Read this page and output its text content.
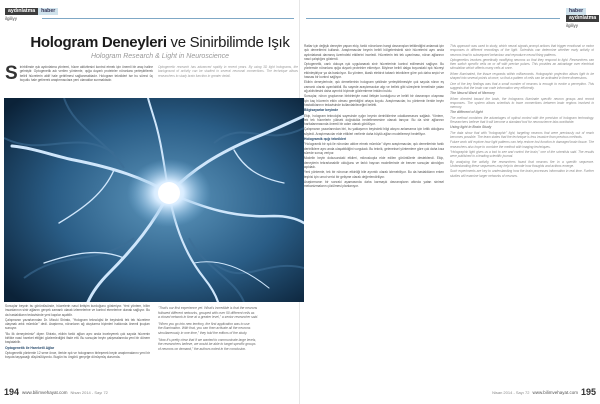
aydınlatma haber
ilgiliyy
haberaydınlatma
ilgiliyy
Hologram Deneyleri ve Sinirbilimde Işık
Hologram Research & Light in Neuroscience
Sinirbilimde ışık aydınlatma yöntemi, hücre aktivitesini kontrol etmek için önemli bir araç haline gelmiştir. Optogenetik adı verilen yöntemle, ışığa duyarlı proteinler nöronlara yerleştirilerek belirli hücrelerin aktif hale getirilmesi sağlanmaktadır. Hologram teknikleri ise bu süreci üç boyutlu hale getirerek araştırmacılara yeni olanaklar sunmaktadır.
Optogenetic research has advanced rapidly in recent years. By using 3D light holograms, the background of activity can be studied in several neuronal connections. The technique allows researchers to study brain function in greater detail.

Sonuçlar beynin bu görüntüsünde, hücrelerin nasıl iletişim kurduğunu gösteriyor. Yeni yöntem, bilim insanlarının sinir ağlarını gerçek zamanlı olarak izlemelerine ve kontrol etmelerine olanak sağlıyor. Bu da hastalıkların tedavisinde yeni kapılar açabilir.

Çalışmanın yazarlarından Dr. Mizuki Shirato, "Hologram teknolojisi ile beyindeki tek tek hücrelere ulaşmak artık mümkün" dedi. Araştırma, nöronların ağ oluşturma biçimleri hakkında önemli ipuçları sunuyor.

"Bu ilk deneyimimiz" diyen Shirato, ekibin farklı ağları aynı anda inceleyerek çok sayıda hücrenin birlikte nasıl hareket ettiğini gözlemlediğini ifade etti. Bu sonuçlar beyin çalışmalarında yeni bir dönem başlatabilir.

Optogenetik ile Hareketli Ağlar

Optogenetik yöntemle 12 sene önce, ileride ışık ve hologramın birleşerek beyin araştırmalarını yeni bir boyuta taşıyacağı düşünülüyordu. Bugün bu öngörü gerçeğe dönüşmüş durumda.

"That's our first experience yet. What's incredible is that the neurons
followed different networks, grouped with over 50 different cells as
a closed network in time at a greater level," a senior researcher said.
"When you go into new territory, the first application was to use
the illumination. With that, you can then activate all the neurons
simultaneously in one time," they told the editors of the study.
"Now it's pretty clear that if we wanted to communicate large levels,
the researchers believe, we would be able to target specific groups
of neurons on demand," the authors noted in the conclusion.

Ratlar için değişik deneyler yapan ekip, farklı nöronların hangi davranışları tetiklediğini anlamak için ışık demetlerini kullandı. Araştırmacılar beynin belirli bölgelerindeki sinir hücrelerini aynı anda aydınlatarak davranış üzerindeki etkilerini inceledi. Hücrelerin tek tek uyarılması, nöron ağlarının nasıl çalıştığını gösterdi.

Optogenetik, canlı dokuya ışık uygulanarak sinir hücrelerinin kontrol edilmesini sağlıyor. Bu yöntemde nöronlara ışığa duyarlı proteinler ekleniyor. Böylece belirli dalga boyundaki ışık hücreyi etkinleştiriyor ya da baskılıyor. Bu yöntem, klasik elektrot tabanlı tekniklere göre çok daha seçici ve hassas bir kontrol sağlıyor.

Ekibin deneylerinde, ışık demetlerinin hologram şeklinde yerleştirilmesiyle çok sayıda nöron eş zamanlı olarak uyarılabildi. Bu sayede araştırmacılar algı ve bellek gibi süreçlerin temelinde yatan ağ aktivitesini daha ayrıntılı biçimde gözlemleme imkânı buldu.

Sonuçlar, nöron gruplarının birbirleriyle nasıl iletişim kurduğunu ve belirli bir davranışın oluşması için kaç hücrenin etkin olması gerektiğini ortaya koydu. Araştırmacılar, bu yöntemin ileride beyin hastalıklarının tedavisinde kullanılabileceğini belirtti.

Bilgisayarlar beyinde

Ekip, hologram teknolojisi sayesinde ışığın beynin derinliklerine odaklanmasını sağladı. Yöntem, tek tek hücrelerin yüksek doğrulukla hedeflenmesine olanak tanıyor. Bu da sinir ağlarının haritalanmasında önemli bir adım olarak görülüyor.

Çalışmanın yazarlarından biri, bu yaklaşımın beyindeki bilgi akışını anlamamız için kritik olduğunu söyledi. Araştırmacılar elde ettikleri verilerle daha büyük ağları modellemeyi hedefliyor.

Hologramik ışığı teknikleri

"Hologramik bir ışık ile nöronları aktive etmek mümkün" diyen araştırmacılar, ışık demetlerinin farklı derinliklere aynı anda ulaşabildiğini vurguladı. Bu teknik, geleneksel yöntemlere göre çok daha kısa sürede sonuç veriyor.

Modelin beyin dokusundaki etkileri, mikroskopla elde edilen görüntülerle desteklendi. Ekip, deneylerin tekrarlanabilir olduğunu ve farklı hayvan modellerinde de benzer sonuçlar alındığını açıkladı.

Yeni yöntemle, tek bir nöronun etkinliği bile ayrıntılı olarak izlenebiliyor. Bu da hastalıkların erken teşhisi için umut verici bir gelişme olarak değerlendiriliyor.

Araştırmanın bir sonraki aşamasında daha karmaşık davranışların altında yatan sinirsel mekanizmaların çözülmesi planlanıyor.

This approach was used to study, which neural signals prompt actions that trigger emotional or motor responses in different recordings of the light. Scientists can determine whether early activity of neurons lead to subsequent behaviour and reproduce neural firing patterns.

Optogenetics involves genetically modifying neurons so that they respond to light. Researchers can then switch specific cells on or off with precise pulses. This provides an advantage over electrical stimulation which affects many cells at once.

When illuminated, the tissue responds within milliseconds. Holographic projection allows light to be shaped into several points at once, so that a pattern of cells can be activated in three dimensions.

One of the key findings was that a small number of neurons is enough to evoke a perception. This suggests that the brain can code information very efficiently.

The Neural Ward of Memory

When directed toward the brain, the holograms illuminate specific neuron groups and record responses. The system allows scientists to trace connections between brain regions involved in memory.

The different of light

The method combines the advantages of optical control with the precision of hologram technology. Researchers believe that it will become a standard tool for neuroscience labs worldwide.

Using light in Brain Study

The data show that with "holographic" light, targeting neurons that were previously out of reach becomes possible. The team states that the technique is less invasive than previous methods.

Future work will explore how light patterns can help restore lost function in damaged brain tissue. The researchers also hope to combine the method with imaging techniques.

"Holographic light gives us a tool to see and control the brain," one of the scientists said. The results were published in a leading scientific journal.

By analysing the activity, the researchers found that neurons fire in a specific sequence. Understanding these sequences may help to decode how thoughts and actions emerge.

Such experiments are key to understanding how the brain processes information in real time. Further studies will examine larger networks of neurons.

194 www.bilimvehayat.com Nisan 2014 - Sayı 72	Nisan 2014 - Sayı 72 www.bilimvehayat.com 195
